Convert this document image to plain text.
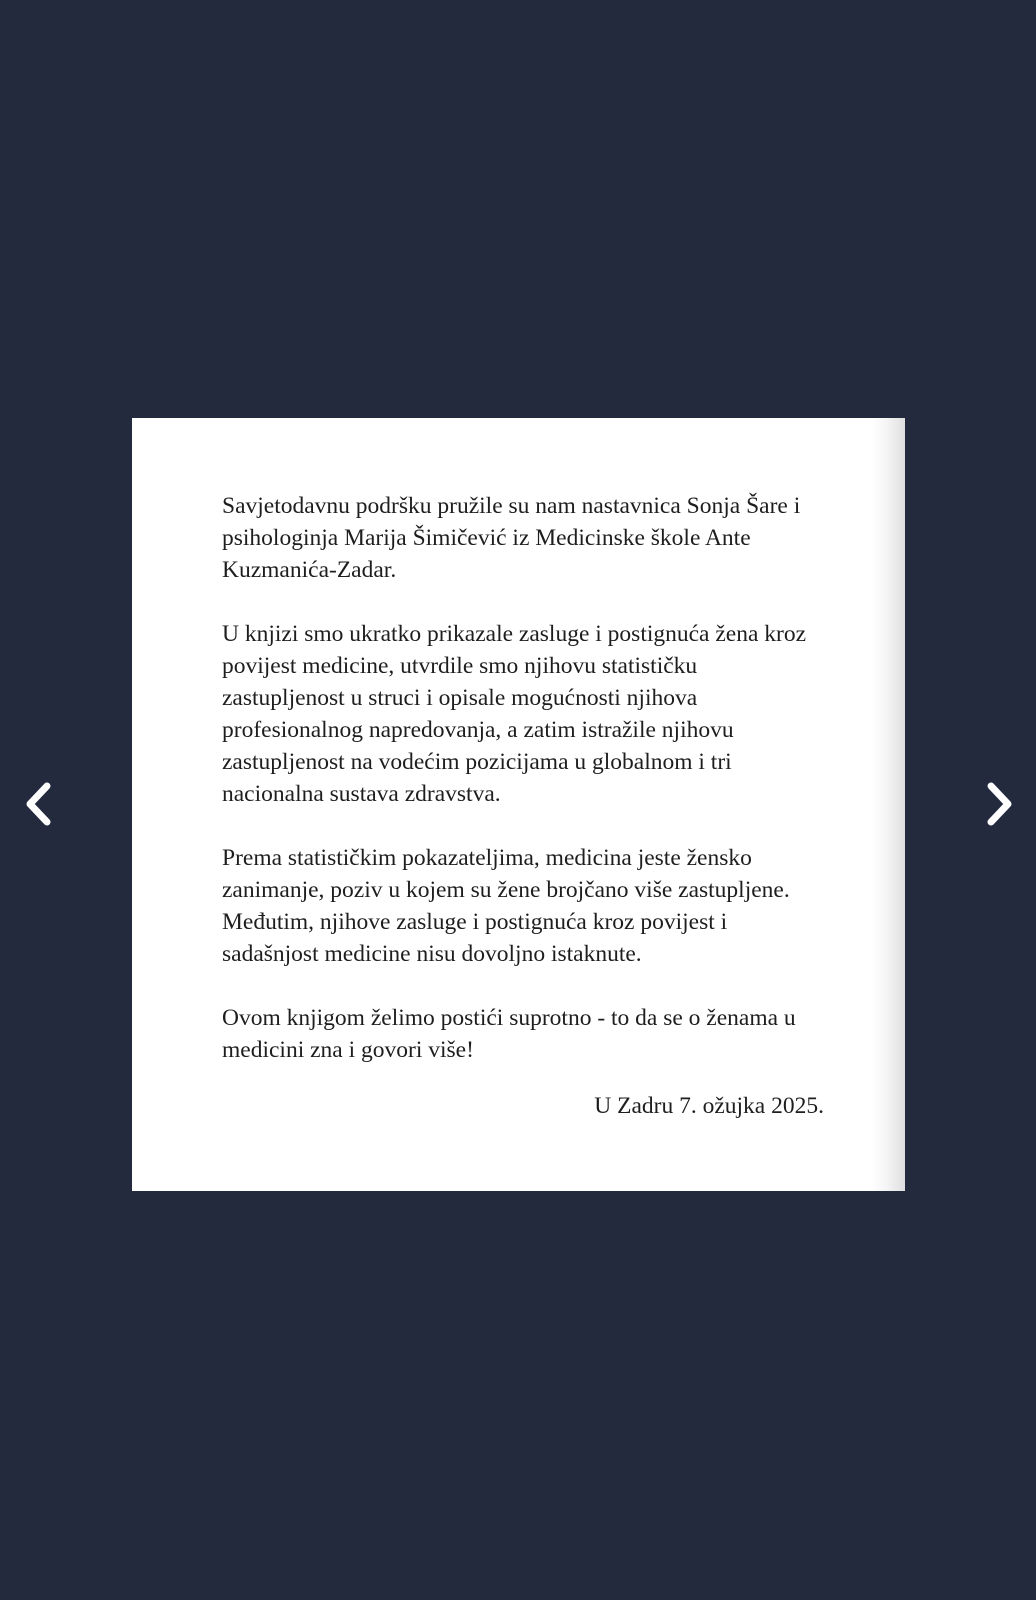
Savjetodavnu podršku pružile su nam nastavnica Sonja Šare i
psihologinja Marija Šimičević iz Medicinske škole Ante
Kuzmanića-Zadar.

U knjizi smo ukratko prikazale zasluge i postignuća žena kroz
povijest medicine, utvrdile smo njihovu statističku
zastupljenost u struci i opisale mogućnosti njihova
profesionalnog napredovanja, a zatim istražile njihovu
zastupljenost na vodećim pozicijama u globalnom i tri
nacionalna sustava zdravstva.

Prema statističkim pokazateljima, medicina jeste žensko
zanimanje, poziv u kojem su žene brojčano više zastupljene.
Međutim, njihove zasluge i postignuća kroz povijest i
sadašnjost medicine nisu dovoljno istaknute.

Ovom knjigom želimo postići suprotno - to da se o ženama u
medicini zna i govori više!

U Zadru 7. ožujka 2025.
